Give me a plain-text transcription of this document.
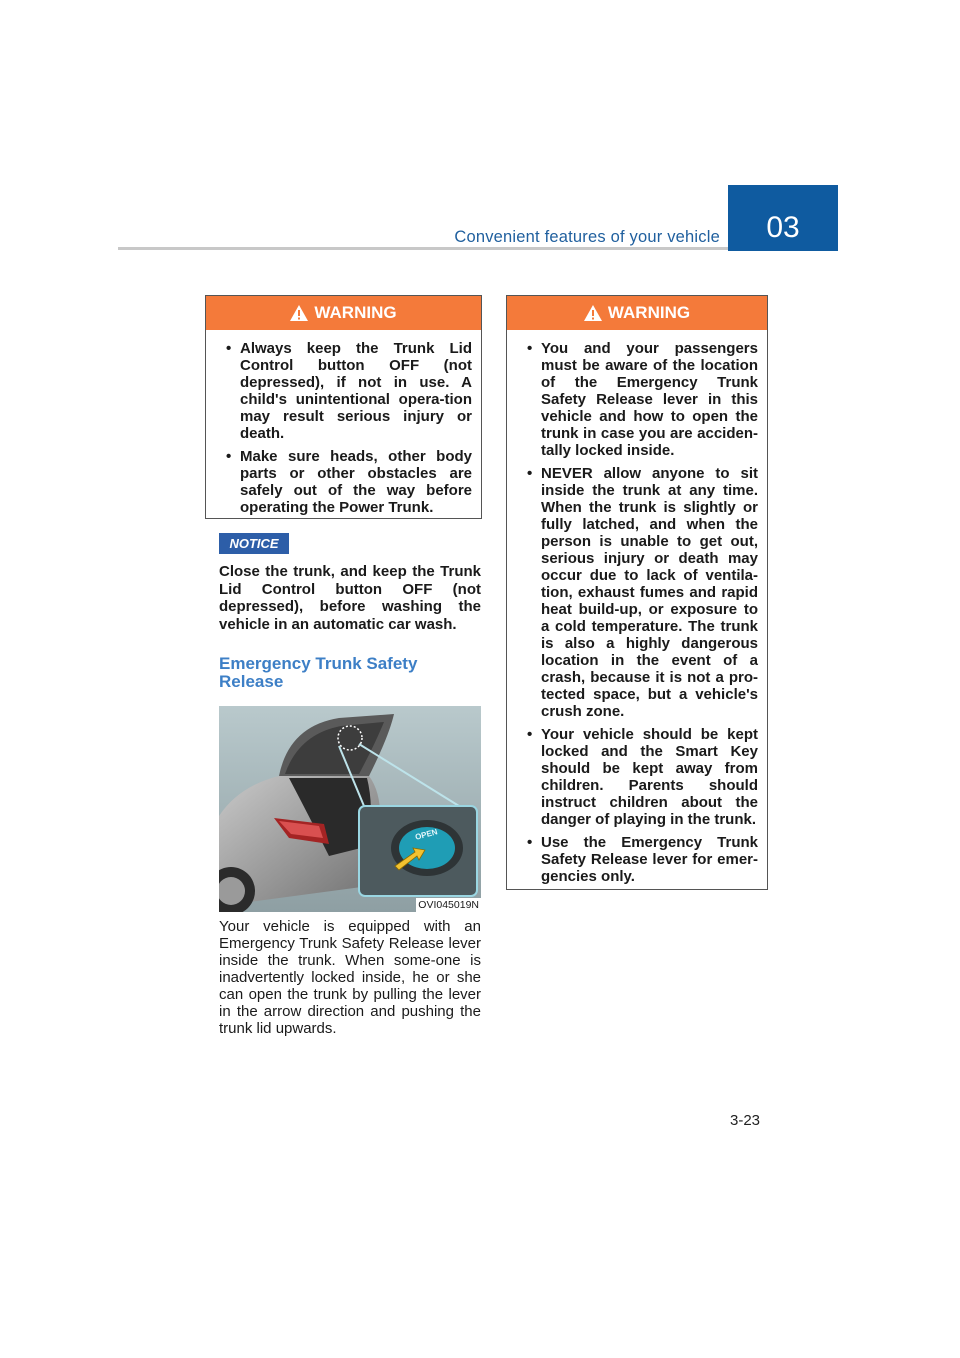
Convenient features of your vehicle 03
WARNING
• Always keep the Trunk Lid Control button OFF (not depressed), if not in use. A child's unintentional opera-tion may result serious injury or death.
• Make sure heads, other body parts or other obstacles are safely out of the way before operating the Power Trunk.
NOTICE
Close the trunk, and keep the Trunk Lid Control button OFF (not depressed), before washing the vehicle in an automatic car wash.
Emergency Trunk Safety Release
OVI045019N
OPEN
Your vehicle is equipped with an Emergency Trunk Safety Release lever inside the trunk. When some-one is inadvertently locked inside, he or she can open the trunk by pulling the lever in the arrow direction and pushing the trunk lid upwards.
WARNING
• You and your passengers must be aware of the location of the Emergency Trunk Safety Release lever in this vehicle and how to open the trunk in case you are acciden-tally locked inside.
• NEVER allow anyone to sit inside the trunk at any time. When the trunk is slightly or fully latched, and when the person is unable to get out, serious injury or death may occur due to lack of ventila-tion, exhaust fumes and rapid heat build-up, or exposure to a cold temperature. The trunk is also a highly dangerous location in the event of a crash, because it is not a pro-tected space, but a vehicle's crush zone.
• Your vehicle should be kept locked and the Smart Key should be kept away from children. Parents should instruct children about the danger of playing in the trunk.
• Use the Emergency Trunk Safety Release lever for emer-gencies only.
3-23
